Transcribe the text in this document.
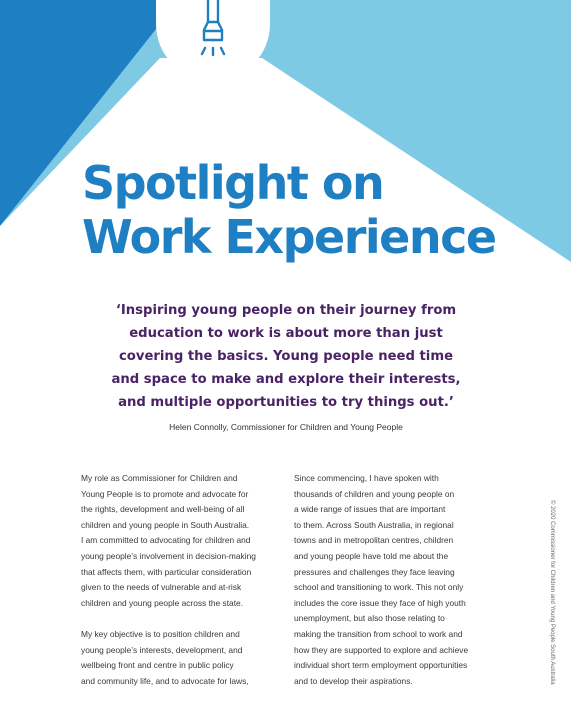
Spotlight on
Work Experience
‘Inspiring young people on their journey from
education to work is about more than just
covering the basics. Young people need time
and space to make and explore their interests,
and multiple opportunities to try things out.’
Helen Connolly, Commissioner for Children and Young People

My role as Commissioner for Children and
Young People is to promote and advocate for
the rights, development and well-being of all
children and young people in South Australia.
I am committed to advocating for children and
young people’s involvement in decision-making
that affects them, with particular consideration
given to the needs of vulnerable and at-risk
children and young people across the state.

My key objective is to position children and
young people’s interests, development, and
wellbeing front and centre in public policy
and community life, and to advocate for laws,

Since commencing, I have spoken with
thousands of children and young people on
a wide range of issues that are important
to them. Across South Australia, in regional
towns and in metropolitan centres, children
and young people have told me about the
pressures and challenges they face leaving
school and transitioning to work. This not only
includes the core issue they face of high youth
unemployment, but also those relating to
making the transition from school to work and
how they are supported to explore and achieve
individual short term employment opportunities
and to develop their aspirations.	© 2020 Commissioner for Children and Young People South Australia
